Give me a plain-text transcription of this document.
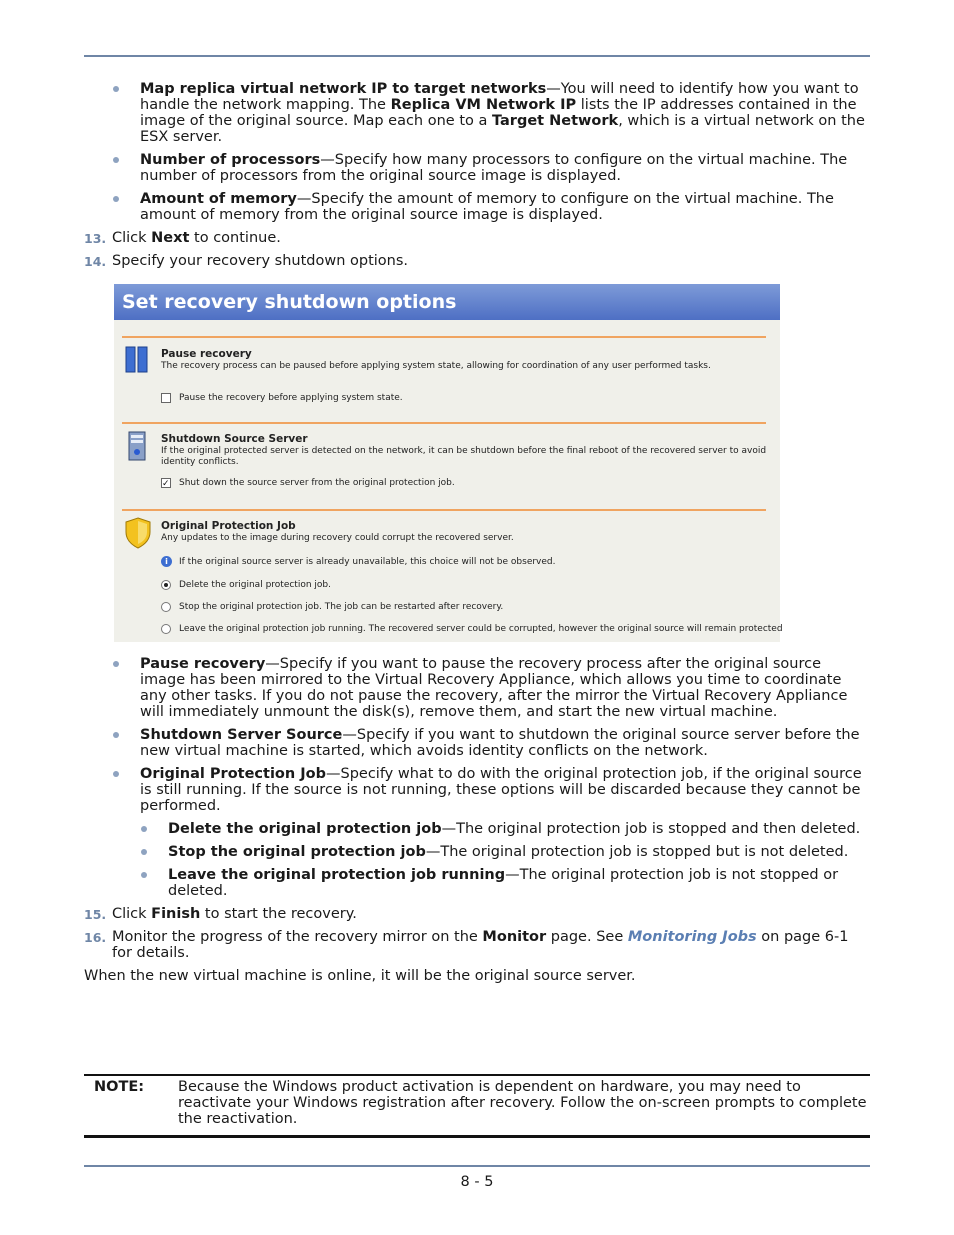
Map replica virtual network IP to target networks—You will need to identify how you want to handle the network mapping. The Replica VM Network IP lists the IP addresses contained in the image of the original source. Map each one to a Target Network, which is a virtual network on the ESX server.
Number of processors—Specify how many processors to configure on the virtual machine. The number of processors from the original source image is displayed.
Amount of memory—Specify the amount of memory to configure on the virtual machine. The amount of memory from the original source image is displayed.
13. Click Next to continue.
14. Specify your recovery shutdown options.
Set recovery shutdown options
Pause recovery
The recovery process can be paused before applying system state, allowing for coordination of any user performed tasks.
Pause the recovery before applying system state.
Shutdown Source Server
If the original protected server is detected on the network, it can be shutdown before the final reboot of the recovered server to avoid identity conflicts.
✓Shut down the source server from the original protection job.
Original Protection Job
Any updates to the image during recovery could corrupt the recovered server.
i If the original source server is already unavailable, this choice will not be observed.
Delete the original protection job.
Stop the original protection job. The job can be restarted after recovery.
Leave the original protection job running. The recovered server could be corrupted, however the original source will remain protected
Pause recovery—Specify if you want to pause the recovery process after the original source image has been mirrored to the Virtual Recovery Appliance, which allows you time to coordinate any other tasks. If you do not pause the recovery, after the mirror the Virtual Recovery Appliance will immediately unmount the disk(s), remove them, and start the new virtual machine.
Shutdown Server Source—Specify if you want to shutdown the original source server before the new virtual machine is started, which avoids identity conflicts on the network.
Original Protection Job—Specify what to do with the original protection job, if the original source is still running. If the source is not running, these options will be discarded because they cannot be performed.
Delete the original protection job—The original protection job is stopped and then deleted.
Stop the original protection job—The original protection job is stopped but is not deleted.
Leave the original protection job running—The original protection job is not stopped or deleted.
15. Click Finish to start the recovery.
16. Monitor the progress of the recovery mirror on the Monitor page. See Monitoring Jobs on page 6-1 for details.
When the new virtual machine is online, it will be the original source server.
NOTE: Because the Windows product activation is dependent on hardware, you may need to reactivate your Windows registration after recovery. Follow the on-screen prompts to complete the reactivation.
8 - 5
